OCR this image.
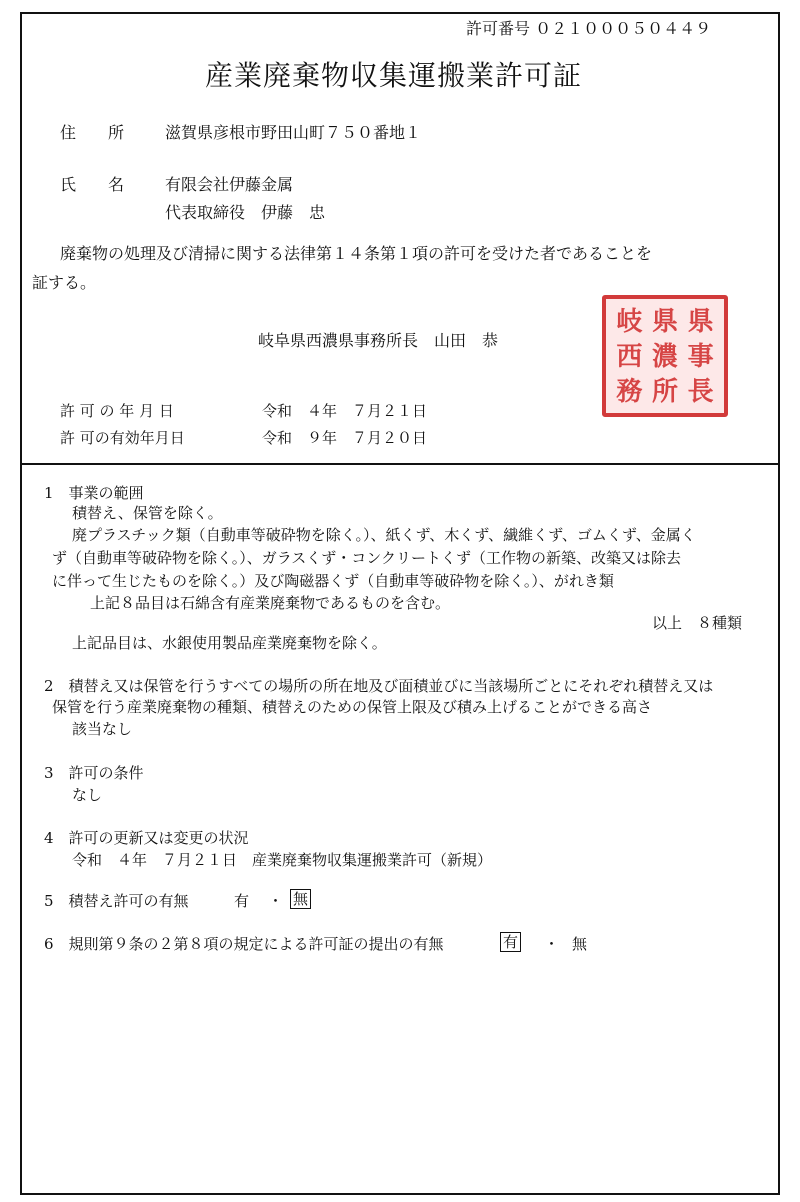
許可番号 ０２１０００５０４４９
産業廃棄物収集運搬業許可証
住　　所	滋賀県彦根市野田山町７５０番地１
氏　　名	有限会社伊藤金属
代表取締役　伊藤　忠
廃棄物の処理及び清掃に関する法律第１４条第１項の許可を受けた者であることを
証する。
岐阜県西濃県事務所長　山田　恭
岐 県 県
西 濃 事
務 所 長
許 可 の 年 月 日	令和　４年　７月２１日
許 可の有効年月日	令和　９年　７月２０日
1　事業の範囲
積替え、保管を除く。
廃プラスチック類（自動車等破砕物を除く。）、紙くず、木くず、繊維くず、ゴムくず、金属く
ず（自動車等破砕物を除く。）、ガラスくず・コンクリートくず（工作物の新築、改築又は除去
に伴って生じたものを除く。）及び陶磁器くず（自動車等破砕物を除く。）、がれき類
上記８品目は石綿含有産業廃棄物であるものを含む。
以上　８種類
上記品目は、水銀使用製品産業廃棄物を除く。
2　積替え又は保管を行うすべての場所の所在地及び面積並びに当該場所ごとにそれぞれ積替え又は
保管を行う産業廃棄物の種類、積替えのための保管上限及び積み上げることができる高さ
該当なし
3　許可の条件
なし
4　許可の更新又は変更の状況
令和　４年　７月２１日　産業廃棄物収集運搬業許可（新規）
5　積替え許可の有無	有 ・ 無
6　規則第９条の２第８項の規定による許可証の提出の有無	有 ・ 無
